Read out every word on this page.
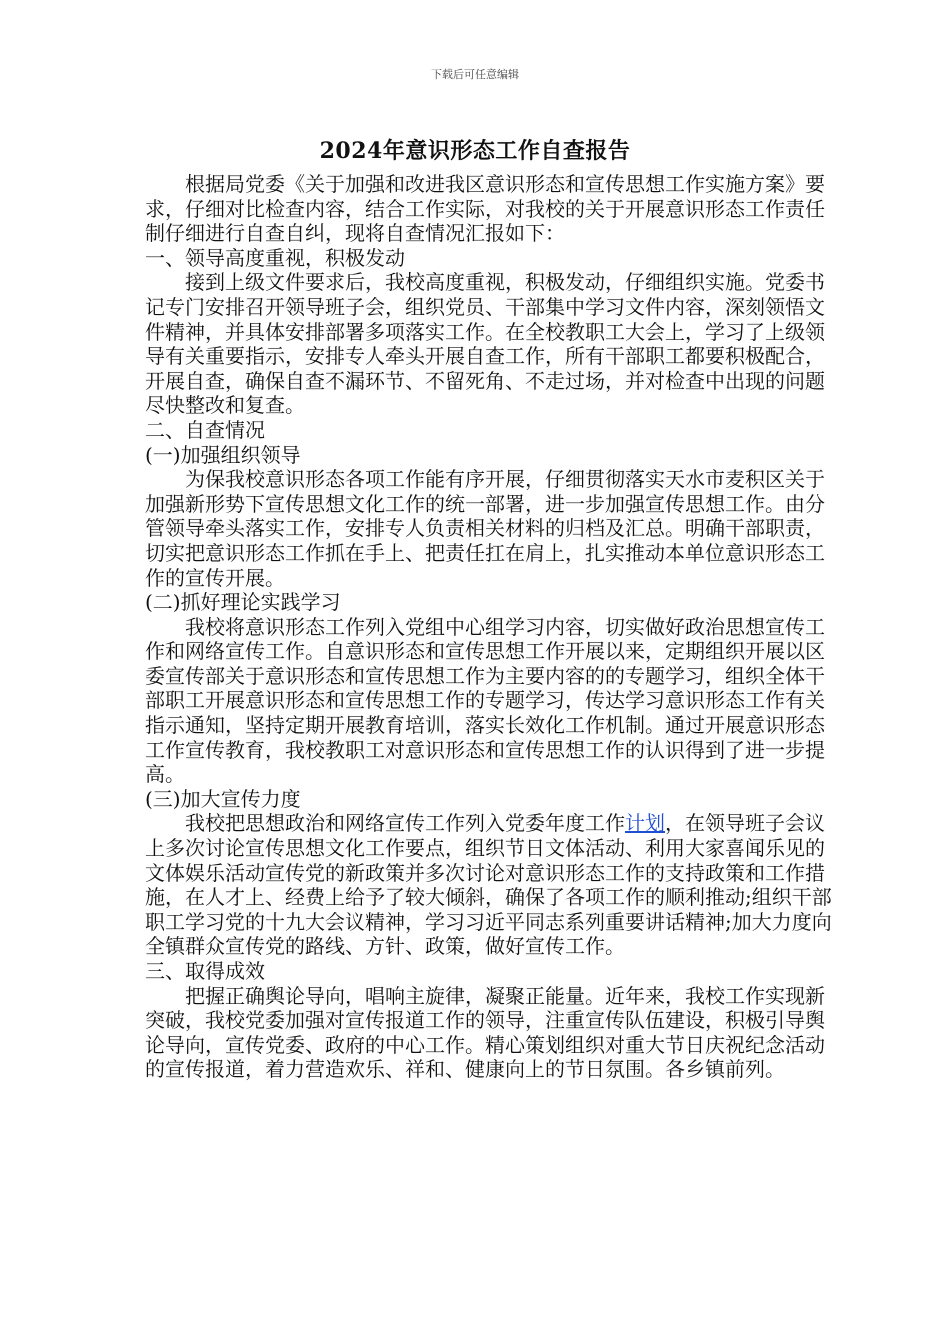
下载后可任意编辑
2024年意识形态工作自查报告

根据局党委《关于加强和改进我区意识形态和宣传思想工作实施方案》要求，仔细对比检查内容，结合工作实际，对我校的关于开展意识形态工作责任制仔细进行自查自纠，现将自查情况汇报如下：

一、领导高度重视，积极发动

接到上级文件要求后，我校高度重视，积极发动，仔细组织实施。党委书记专门安排召开领导班子会，组织党员、干部集中学习文件内容，深刻领悟文件精神，并具体安排部署多项落实工作。在全校教职工大会上，学习了上级领导有关重要指示，安排专人牵头开展自查工作，所有干部职工都要积极配合，开展自查，确保自查不漏环节、不留死角、不走过场，并对检查中出现的问题尽快整改和复查。

二、自查情况

(一)加强组织领导

为保我校意识形态各项工作能有序开展，仔细贯彻落实天水市麦积区关于加强新形势下宣传思想文化工作的统一部署，进一步加强宣传思想工作。由分管领导牵头落实工作，安排专人负责相关材料的归档及汇总。明确干部职责，切实把意识形态工作抓在手上、把责任扛在肩上，扎实推动本单位意识形态工作的宣传开展。

(二)抓好理论实践学习

我校将意识形态工作列入党组中心组学习内容，切实做好政治思想宣传工作和网络宣传工作。自意识形态和宣传思想工作开展以来，定期组织开展以区委宣传部关于意识形态和宣传思想工作为主要内容的的专题学习，组织全体干部职工开展意识形态和宣传思想工作的专题学习，传达学习意识形态工作有关指示通知，坚持定期开展教育培训，落实长效化工作机制。通过开展意识形态工作宣传教育，我校教职工对意识形态和宣传思想工作的认识得到了进一步提高。

(三)加大宣传力度

我校把思想政治和网络宣传工作列入党委年度工作计划，在领导班子会议上多次讨论宣传思想文化工作要点，组织节日文体活动、利用大家喜闻乐见的文体娱乐活动宣传党的新政策并多次讨论对意识形态工作的支持政策和工作措施，在人才上、经费上给予了较大倾斜，确保了各项工作的顺利推动;组织干部职工学习党的十九大会议精神，学习习近平同志系列重要讲话精神;加大力度向全镇群众宣传党的路线、方针、政策，做好宣传工作。

三、取得成效

把握正确舆论导向，唱响主旋律，凝聚正能量。近年来，我校工作实现新突破，我校党委加强对宣传报道工作的领导，注重宣传队伍建设，积极引导舆论导向，宣传党委、政府的中心工作。精心策划组织对重大节日庆祝纪念活动的宣传报道，着力营造欢乐、祥和、健康向上的节日氛围。各乡镇前列。
